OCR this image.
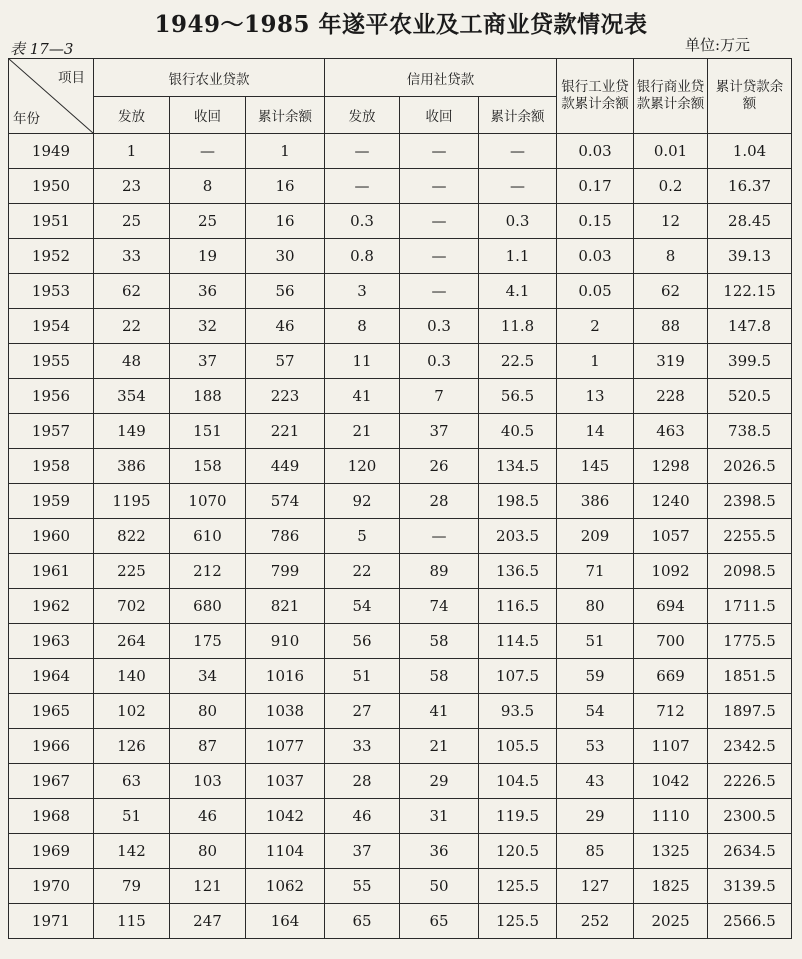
1949～1985 年遂平农业及工商业贷款情况表
表 17—3	单位:万元
项目
年份	银行农业贷款			信用社贷款			银行工业贷款累计余额	银行商业贷款累计余额	累计贷款余 额
	发放	收回	累计余额	发放	收回	累计余额			
1949	1	—	1	—	—	—	0.03	0.01	1.04
1950	23	8	16	—	—	—	0.17	0.2	16.37
1951	25	25	16	0.3	—	0.3	0.15	12	28.45
1952	33	19	30	0.8	—	1.1	0.03	8	39.13
1953	62	36	56	3	—	4.1	0.05	62	122.15
1954	22	32	46	8	0.3	11.8	2	88	147.8
1955	48	37	57	11	0.3	22.5	1	319	399.5
1956	354	188	223	41	7	56.5	13	228	520.5
1957	149	151	221	21	37	40.5	14	463	738.5
1958	386	158	449	120	26	134.5	145	1298	2026.5
1959	1195	1070	574	92	28	198.5	386	1240	2398.5
1960	822	610	786	5	—	203.5	209	1057	2255.5
1961	225	212	799	22	89	136.5	71	1092	2098.5
1962	702	680	821	54	74	116.5	80	694	1711.5
1963	264	175	910	56	58	114.5	51	700	1775.5
1964	140	34	1016	51	58	107.5	59	669	1851.5
1965	102	80	1038	27	41	93.5	54	712	1897.5
1966	126	87	1077	33	21	105.5	53	1107	2342.5
1967	63	103	1037	28	29	104.5	43	1042	2226.5
1968	51	46	1042	46	31	119.5	29	1110	2300.5
1969	142	80	1104	37	36	120.5	85	1325	2634.5
1970	79	121	1062	55	50	125.5	127	1825	3139.5
1971	115	247	164	65	65	125.5	252	2025	2566.5
